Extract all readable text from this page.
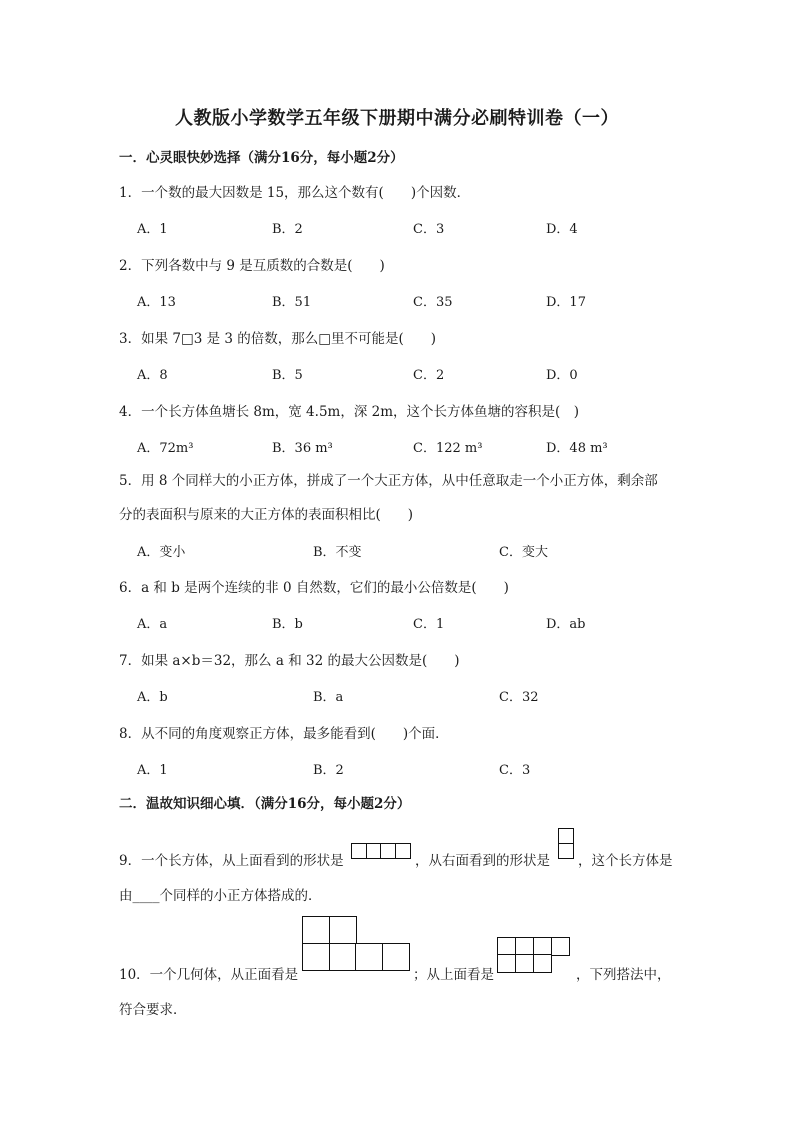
人教版小学数学五年级下册期中满分必刷特训卷（一）
一．心灵眼快妙选择（满分16分，每小题2分）
1．一个数的最大因数是 15，那么这个数有(　　)个因数．
A．1	B．2	C．3	D．4
2．下列各数中与 9 是互质数的合数是(　　)
A．13	B．51	C．35	D．17
3．如果 7□3 是 3 的倍数，那么□里不可能是(　　)
A．8	B．5	C．2	D．0
4．一个长方体鱼塘长 8m，宽 4.5m，深 2m，这个长方体鱼塘的容积是(　)
A．72m³	B．36 m³	C．122 m³	D．48 m³
5．用 8 个同样大的小正方体，拼成了一个大正方体，从中任意取走一个小正方体，剩余部
分的表面积与原来的大正方体的表面积相比(　　)
A．变小	B．不变	C．变大
6．a 和 b 是两个连续的非 0 自然数，它们的最小公倍数是(　　)
A．a	B．b	C．1	D．ab
7．如果 a×b＝32，那么 a 和 32 的最大公因数是(　　)
A．b	B．a	C．32
8．从不同的角度观察正方体，最多能看到(　　)个面．
A．1	B．2	C．3
二．温故知识细心填．（满分16分，每小题2分）
9．一个长方体，从上面看到的形状是	，从右面看到的形状是 ，这个长方体是
由____个同样的小正方体搭成的．
10．一个几何体，从正面看是	；从上面看是	，下列搭法中，
符合要求．
